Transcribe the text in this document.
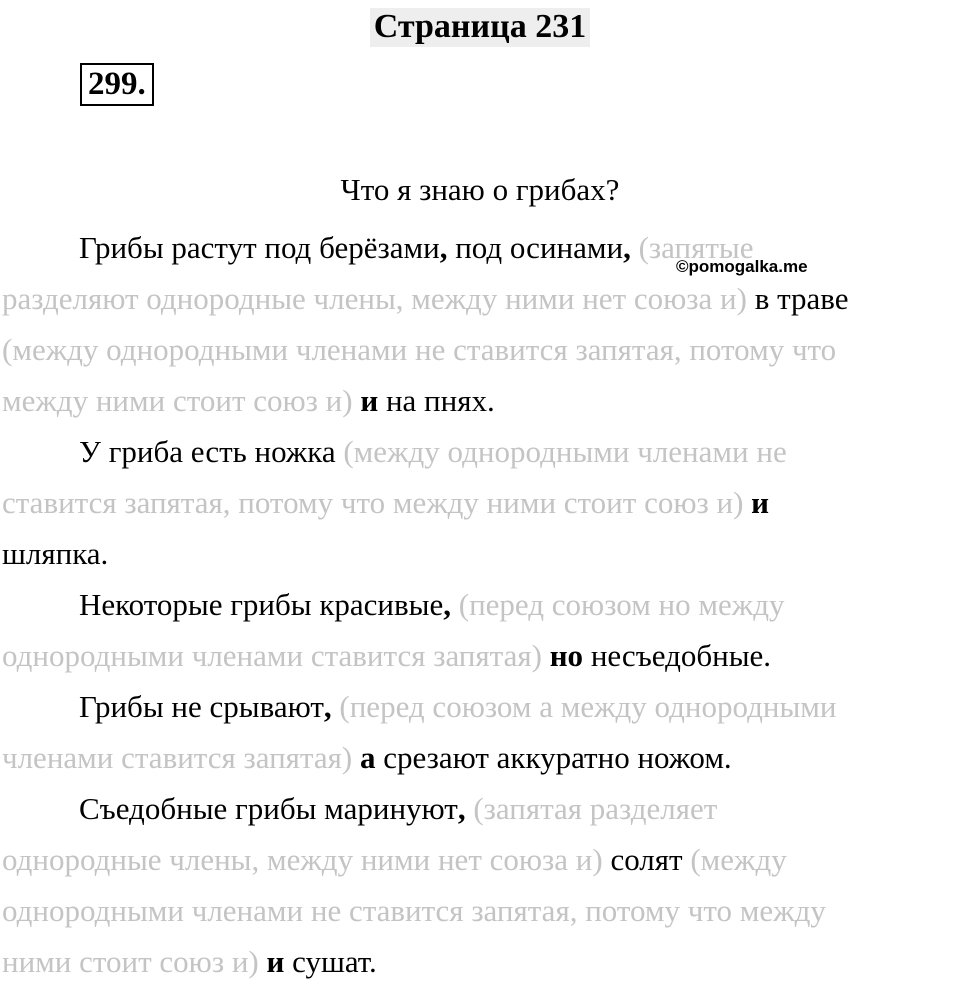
Страница 231
299.
Что я знаю о грибах?
©pomogalka.me
Грибы растут под берёзами, под осинами, (запятые
разделяют однородные члены, между ними нет союза и) в траве
(между однородными членами не ставится запятая, потому что
между ними стоит союз и) и на пнях.
У гриба есть ножка (между однородными членами не
ставится запятая, потому что между ними стоит союз и) и
шляпка.
Некоторые грибы красивые, (перед союзом но между
однородными членами ставится запятая) но несъедобные.
Грибы не срывают, (перед союзом а между однородными
членами ставится запятая) а срезают аккуратно ножом.
Съедобные грибы маринуют, (запятая разделяет
однородные члены, между ними нет союза и) солят (между
однородными членами не ставится запятая, потому что между
ними стоит союз и) и сушат.
